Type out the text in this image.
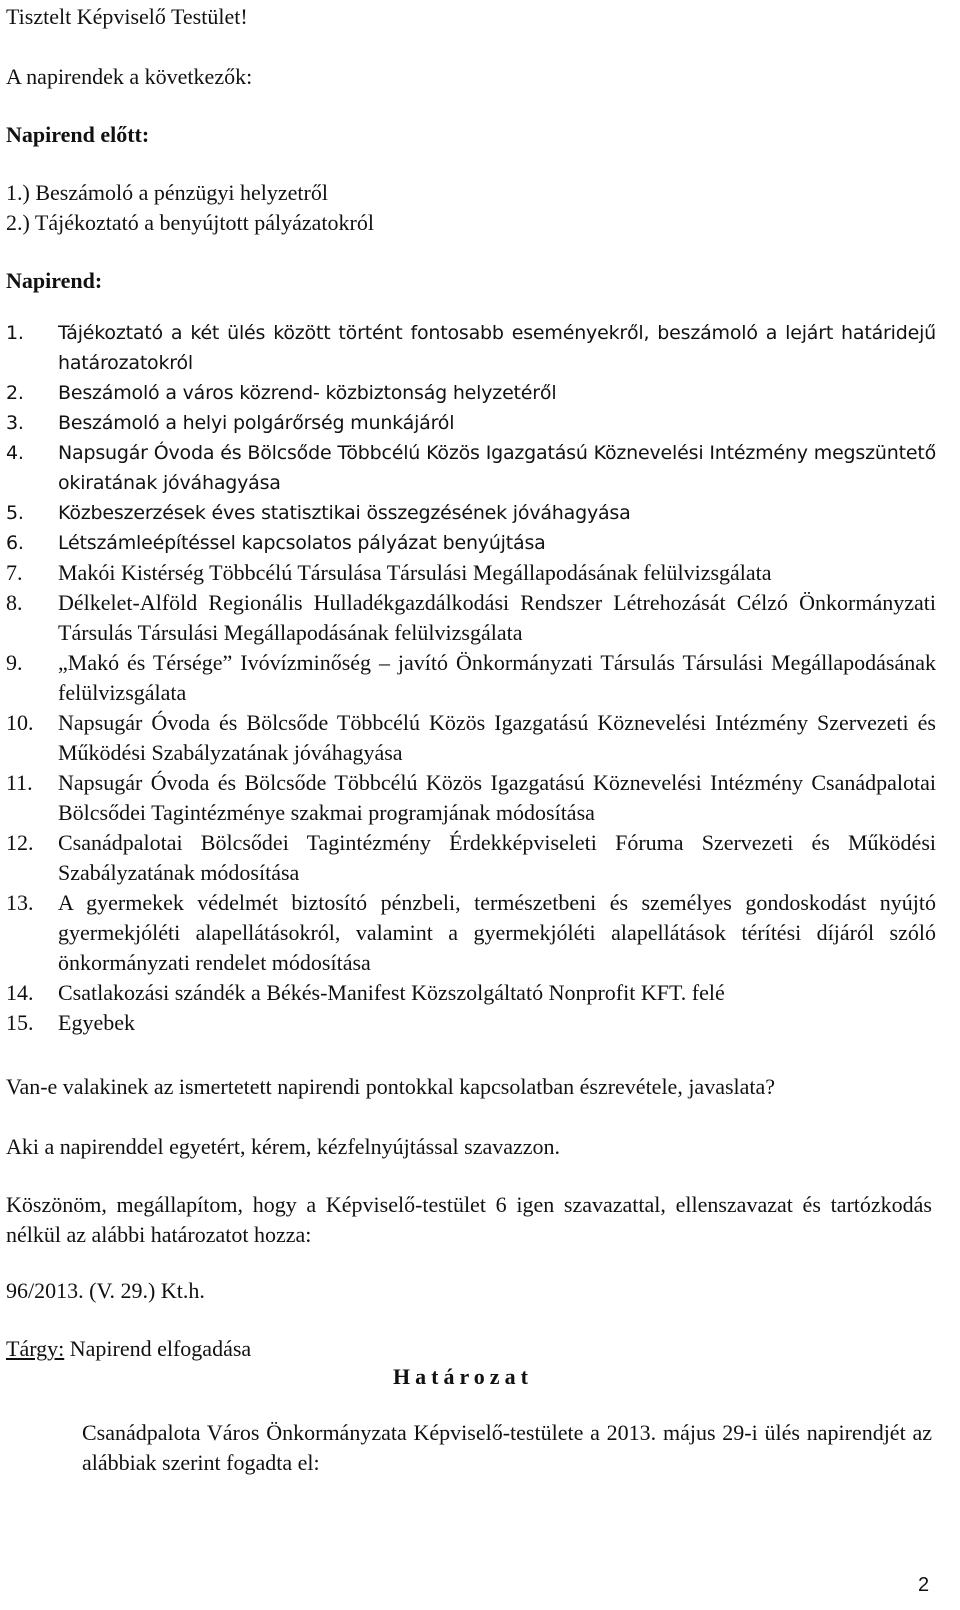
Tisztelt Képviselő Testület!

A napirendek a következők:

Napirend előtt:

1.) Beszámoló a pénzügyi helyzetről

2.) Tájékoztató a benyújtott pályázatokról

Napirend:

1. Tájékoztató a két ülés között történt fontosabb eseményekről, beszámoló a lejárt határidejű határozatokról
2. Beszámoló a város közrend- közbiztonság helyzetéről
3. Beszámoló a helyi polgárőrség munkájáról
4. Napsugár Óvoda és Bölcsőde Többcélú Közös Igazgatású Köznevelési Intézmény megszüntető okiratának jóváhagyása
5. Közbeszerzések éves statisztikai összegzésének jóváhagyása
6. Létszámleépítéssel kapcsolatos pályázat benyújtása
7. Makói Kistérség Többcélú Társulása Társulási Megállapodásának felülvizsgálata
8. Délkelet-Alföld Regionális Hulladékgazdálkodási Rendszer Létrehozását Célzó Önkormányzati Társulás Társulási Megállapodásának felülvizsgálata
9. „Makó és Térsége” Ivóvízminőség – javító Önkormányzati Társulás Társulási Megállapodásának felülvizsgálata
10. Napsugár Óvoda és Bölcsőde Többcélú Közös Igazgatású Köznevelési Intézmény Szervezeti és Működési Szabályzatának jóváhagyása
11. Napsugár Óvoda és Bölcsőde Többcélú Közös Igazgatású Köznevelési Intézmény Csanádpalotai Bölcsődei Tagintézménye szakmai programjának módosítása
12. Csanádpalotai Bölcsődei Tagintézmény Érdekképviseleti Fóruma Szervezeti és Működési Szabályzatának módosítása
13. A gyermekek védelmét biztosító pénzbeli, természetbeni és személyes gondoskodást nyújtó gyermekjóléti alapellátásokról, valamint a gyermekjóléti alapellátások térítési díjáról szóló önkormányzati rendelet módosítása
14. Csatlakozási szándék a Békés-Manifest Közszolgáltató Nonprofit KFT. felé
15. Egyebek

Van-e valakinek az ismertetett napirendi pontokkal kapcsolatban észrevétele, javaslata?

Aki a napirenddel egyetért, kérem, kézfelnyújtással szavazzon.

Köszönöm, megállapítom, hogy a Képviselő-testület 6 igen szavazattal, ellenszavazat és tartózkodás nélkül az alábbi határozatot hozza:

96/2013. (V. 29.) Kt.h.

Tárgy: Napirend elfogadása

Határozat

Csanádpalota Város Önkormányzata Képviselő-testülete a 2013. május 29-i ülés napirendjét az alábbiak szerint fogadta el:

2
